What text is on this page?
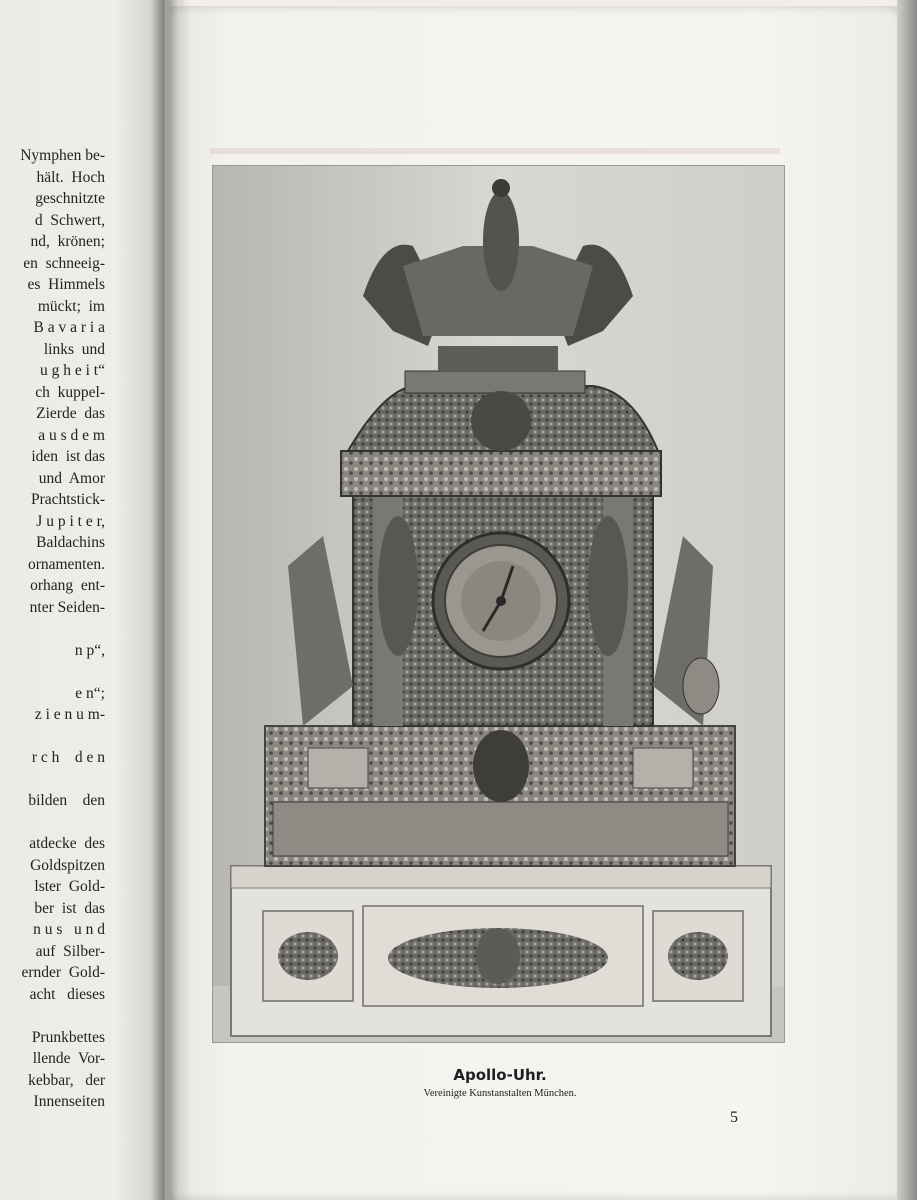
Nymphen be-
hält.  Hoch
geschnitzte
d  Schwert,
nd,  krönen;
en  schneeig-
es  Himmels
mückt;  im
B a v a r i a
links  und
u g h e i t“
ch  kuppel-
Zierde  das
a u s d e m
iden  ist das
und  Amor
Prachtstick-
J u p i t e r,
Baldachins
ornamenten.
orhang  ent-
nter Seiden-
n p“,
e n“;
z i e n u m-
r c h    d e n
bilden    den
atdecke  des
Goldspitzen
lster  Gold-
ber  ist  das
n u s   u n d
auf  Silber-
ernder  Gold-
acht   dieses
Prunkbettes
llende  Vor-
kebbar,   der
Innenseiten
Apollo-Uhr.
Vereinigte Kunstanstalten München.
5
